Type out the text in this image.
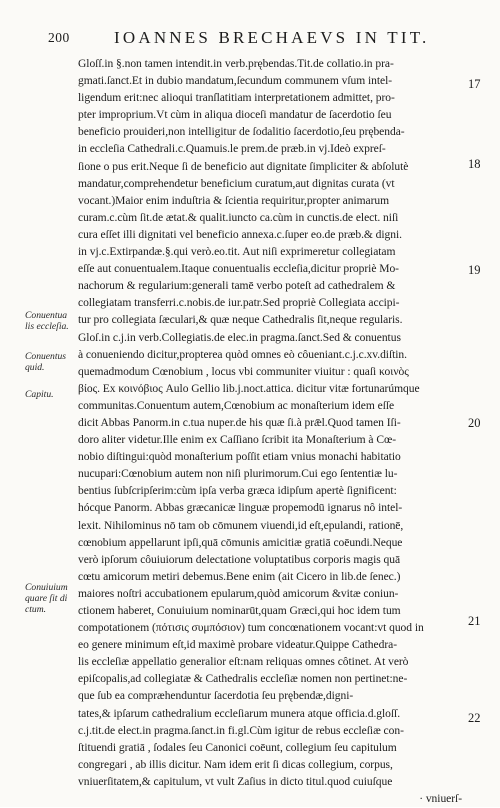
200	IOANNES BRECHAEVS IN TIT.
Gloſſ.in §.non tamen intendit.in verb.prębendas.Tit.de collatio.in pra-
gmati.ſanct.Et in dubio mandatum,ſecundum communem vſum intel-
ligendum erit:nec alioqui tranſlatitiam interpretationem admittet, pro-
pter improprium.Vt cùm in aliqua dioceſi mandatur de ſacerdotio ſeu
beneficio prouideri,non intelligitur de ſodalitio ſacerdotio,ſeu prębenda-
in eccleſia Cathedrali.c.Quamuis.le prem.de præb.in vj.Ideò expreſ-
ſione o pus erit.Neque ſi de beneficio aut dignitate ſimpliciter & abſolutè
mandatur,comprehendetur beneficium curatum,aut dignitas curata (vt
vocant.)Maior enim induſtria & ſcientia requiritur,propter animarum
curam.c.cùm ſit.de ætat.& qualit.iuncto ca.cùm in cunctis.de elect. niſi
cura eſſet illi dignitati vel beneficio annexa.c.ſuper eo.de præb.& digni.
in vj.c.Extirpandæ.§.qui verò.eo.tit. Aut niſi exprimeretur collegiatam
eſſe aut conuentualem.Itaque conuentualis eccleſia,dicitur propriè Mo-
nachorum & regularium:generali tamē verbo poteſt ad cathedralem &
collegiatam transferri.c.nobis.de iur.patr.Sed propriè Collegiata accipi-
tur pro collegiata ſæculari,& quæ neque Cathedralis ſit,neque regularis.
Gloſ.in c.j.in verb.Collegiatis.de elec.in pragma.ſanct.Sed & conuentus
à conueniendo dicitur,propterea quòd omnes eò côueniant.c.j.c.xv.diſtin.
quemadmodum Cœnobium , locus vbi communiter viuitur : quaſi κοινὸς
βίος. Ex κοινόβιος Aulo Gellio lib.j.noct.attica. dicitur vitæ fortunarúmque
communitas.Conuentum autem,Cœnobium ac monaſterium idem eſſe
dicit Abbas Panorm.in c.tua nuper.de his quæ ſi.à prǣl.Quod tamen Iſi-
doro aliter videtur.Ille enim ex Caſſiano ſcribit ita Monaſterium à Cœ-
nobio diſtingui:quòd monaſterium poſſit etiam vnius monachi habitatio
nucupari:Cœnobium autem non niſi plurimorum.Cui ego ſententiæ lu-
bentius ſubſcripſerim:cùm ipſa verba græca idipſum apertè ſignificent:
hócque Panorm. Abbas græcanicæ linguæ propemodū ignarus nô intel-
lexit. Nihilominus nō tam ob cōmunem viuendi,id eſt,epulandi, rationē,
cœnobium appellarunt ipſi,quā cōmunis amicitiæ gratiā coēundi.Neque
verò ipſorum côuiuiorum delectatione voluptatibus corporis magis quā
cœtu amicorum metiri debemus.Bene enim (ait Cicero in lib.de ſenec.)
maiores noſtri accubationem epularum,quòd amicorum &vitæ coniun-
ctionem haberet, Conuiuium nominarūt,quam Græci,qui hoc idem tum
compotationem (πότισις συμπόσιον) tum concœnationem vocant:vt quod in
eo genere minimum eſt,id maximè probare videatur.Quippe Cathedra-
lis eccleſiæ appellatio generalior eſt:nam reliquas omnes côtinet. At verò
epiſcopalis,ad collegiatæ & Cathedralis eccleſiæ nomen non pertinet:ne-
que ſub ea compræhenduntur ſacerdotia ſeu prębendæ,digni-
tates,& ipſarum cathedralium eccleſiarum munera atque officia.d.gloſſ.
c.j.tit.de elect.in pragma.ſanct.in fi.gl.Cùm igitur de rebus eccleſiæ con-
ſtituendi gratiā , ſodales ſeu Canonici coēunt, collegium ſeu capitulum
congregari , ab illis dicitur. Nam idem erit ſi dicas collegium, corpus,
vniuerſitatem,& capitulum, vt vult Zaſius in dicto titul.quod cuiuſque
· vniuerſ-
Conuentua
lis eccleſia.
Conuentus
quid.
Capitu.
Conuiuium
quare ſit di
ctum.
17
18
19
20
21
22
